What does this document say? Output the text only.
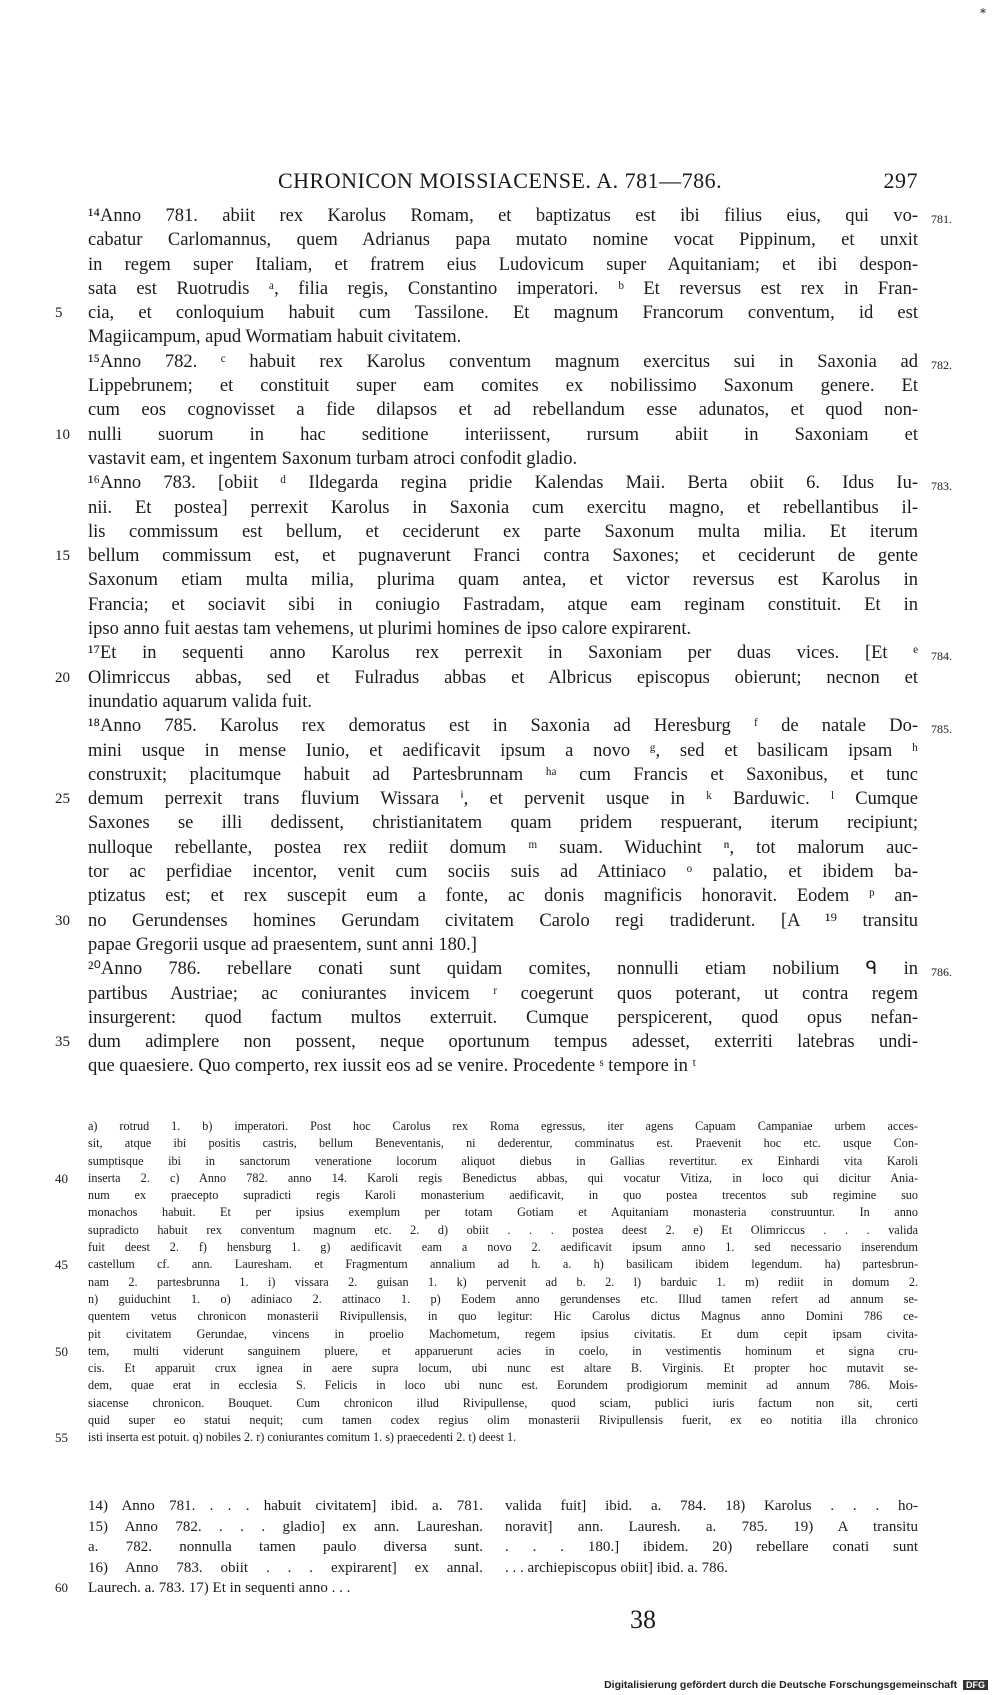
*
CHRONICON MOISSIACENSE. A. 781—786.	297
¹⁴Anno 781. abiit rex Karolus Romam, et baptizatus est ibi filius eius, qui vo- 781.
cabatur Carlomannus, quem Adrianus papa mutato nomine vocat Pippinum, et unxit
in regem super Italiam, et fratrem eius Ludovicum super Aquitaniam; et ibi despon-
sata est Ruotrudis ᵃ, filia regis, Constantino imperatori. ᵇ Et reversus est rex in Fran-
cia, et conloquium habuit cum Tassilone. Et magnum Francorum conventum, id est
5
Magiicampum, apud Wormatiam habuit civitatem.
¹⁵Anno 782. ᶜ habuit rex Karolus conventum magnum exercitus sui in Saxonia ad 782.
Lippebrunem; et constituit super eam comites ex nobilissimo Saxonum genere. Et
cum eos cognovisset a fide dilapsos et ad rebellandum esse adunatos, et quod non-
nulli suorum in hac seditione interiissent, rursum abiit in Saxoniam et
10
vastavit eam, et ingentem Saxonum turbam atroci confodit gladio.
¹⁶Anno 783. [obiit ᵈ Ildegarda regina pridie Kalendas Maii. Berta obiit 6. Idus Iu- 783.
nii. Et postea] perrexit Karolus in Saxonia cum exercitu magno, et rebellantibus il-
lis commissum est bellum, et ceciderunt ex parte Saxonum multa milia. Et iterum
bellum commissum est, et pugnaverunt Franci contra Saxones; et ceciderunt de gente
15
Saxonum etiam multa milia, plurima quam antea, et victor reversus est Karolus in
Francia; et sociavit sibi in coniugio Fastradam, atque eam reginam constituit. Et in
ipso anno fuit aestas tam vehemens, ut plurimi homines de ipso calore expirarent.
¹⁷Et in sequenti anno Karolus rex perrexit in Saxoniam per duas vices. [Et ᵉ 784.
Olimriccus abbas, sed et Fulradus abbas et Albricus episcopus obierunt; necnon et
20
inundatio aquarum valida fuit.
¹⁸Anno 785. Karolus rex demoratus est in Saxonia ad Heresburg ᶠ de natale Do- 785.
mini usque in mense Iunio, et aedificavit ipsum a novo ᵍ, sed et basilicam ipsam ʰ
construxit; placitumque habuit ad Partesbrunnam ʰᵃ cum Francis et Saxonibus, et tunc
demum perrexit trans fluvium Wissara ⁱ, et pervenit usque in ᵏ Barduwic. ˡ Cumque
25
Saxones se illi dedissent, christianitatem quam pridem respuerant, iterum recipiunt;
nulloque rebellante, postea rex rediit domum ᵐ suam. Widuchint ⁿ, tot malorum auc-
tor ac perfidiae incentor, venit cum sociis suis ad Attiniaco ᵒ palatio, et ibidem ba-
ptizatus est; et rex suscepit eum a fonte, ac donis magnificis honoravit. Eodem ᵖ an-
no Gerundenses homines Gerundam civitatem Carolo regi tradiderunt. [A ¹⁹ transitu
30
papae Gregorii usque ad praesentem, sunt anni 180.]
²⁰Anno 786. rebellare conati sunt quidam comites, nonnulli etiam nobilium ᑫ in 786.
partibus Austriae; ac coniurantes invicem ʳ coegerunt quos poterant, ut contra regem
insurgerent: quod factum multos exterruit. Cumque perspicerent, quod opus nefan-
dum adimplere non possent, neque oportunum tempus adesset, exterriti latebras undi-
35
que quaesiere. Quo comperto, rex iussit eos ad se venire. Procedente ˢ tempore in ᵗ
a) rotrud 1. b) imperatori. Post hoc Carolus rex Roma egressus, iter agens Capuam Campaniae urbem acces-
sit, atque ibi positis castris, bellum Beneventanis, ni dederentur, comminatus est. Praevenit hoc etc. usque Con-
sumptisque ibi in sanctorum veneratione locorum aliquot diebus in Gallias revertitur. ex Einhardi vita Karoli
inserta 2. c) Anno 782. anno 14. Karoli regis Benedictus abbas, qui vocatur Vitiza, in loco qui dicitur Ania-
40
num ex praecepto supradicti regis Karoli monasterium aedificavit, in quo postea trecentos sub regimine suo
monachos habuit. Et per ipsius exemplum per totam Gotiam et Aquitaniam monasteria construuntur. In anno
supradicto habuit rex conventum magnum etc. 2. d) obiit . . . postea deest 2. e) Et Olimriccus . . . valida
fuit deest 2. f) hensburg 1. g) aedificavit eam a novo 2. aedificavit ipsum anno 1. sed necessario inserendum
castellum cf. ann. Lauresham. et Fragmentum annalium ad h. a. h) basilicam ibidem legendum. ha) partesbrun-
45
nam 2. partesbrunna 1. i) vissara 2. guisan 1. k) pervenit ad b. 2. l) barduic 1. m) rediit in domum 2.
n) guiduchint 1. o) adiniaco 2. attinaco 1. p) Eodem anno gerundenses etc. Illud tamen refert ad annum se-
quentem vetus chronicon monasterii Rivipullensis, in quo legitur: Hic Carolus dictus Magnus anno Domini 786 ce-
pit civitatem Gerundae, vincens in proelio Machometum, regem ipsius civitatis. Et dum cepit ipsam civita-
tem, multi viderunt sanguinem pluere, et apparuerunt acies in coelo, in vestimentis hominum et signa cru-
50
cis. Et apparuit crux ignea in aere supra locum, ubi nunc est altare B. Virginis. Et propter hoc mutavit se-
dem, quae erat in ecclesia S. Felicis in loco ubi nunc est. Eorundem prodigiorum meminit ad annum 786. Mois-
siacense chronicon. Bouquet. Cum chronicon illud Rivipullense, quod sciam, publici iuris factum non sit, certi
quid super eo statui nequit; cum tamen codex regius olim monasterii Rivipullensis fuerit, ex eo notitia illa chronico
isti inserta est potuit. q) nobiles 2. r) coniurantes comitum 1. s) praecedenti 2. t) deest 1.
55
14) Anno 781. . . . habuit civitatem] ibid. a. 781.
15) Anno 782. . . . gladio] ex ann. Laureshan.
a. 782. nonnulla tamen paulo diversa sunt.
16) Anno 783. obiit . . . expirarent] ex annal.
Laurech. a. 783. 17) Et in sequenti anno . . .
60
valida fuit] ibid. a. 784. 18) Karolus . . . ho-
noravit] ann. Lauresh. a. 785. 19) A transitu
. . . 180.] ibidem. 20) rebellare conati sunt
. . . archiepiscopus obiit] ibid. a. 786.
38
Digitalisierung gefördert durch die Deutsche Forschungsgemeinschaft DFG
